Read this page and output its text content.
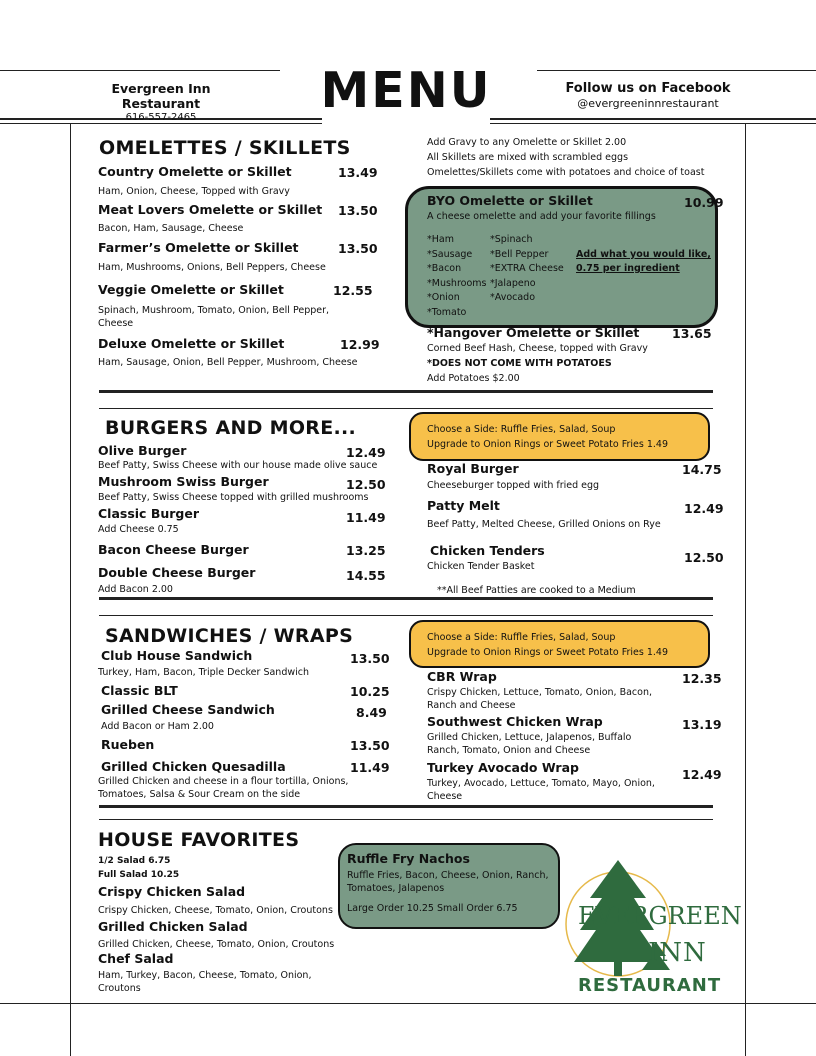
Evergreen Inn Restaurant
616-557-2465	MENU	Follow us on Facebook
@evergreeninnrestaurant
OMELETTES / SKILLETS
Country Omelette or Skillet	13.49
Ham, Onion, Cheese, Topped with Gravy
Meat Lovers Omelette or Skillet 13.50
Bacon, Ham, Sausage, Cheese
Farmer’s Omelette or Skillet	13.50
Ham, Mushrooms, Onions, Bell Peppers, Cheese
Veggie Omelette or Skillet	12.55
Spinach, Mushroom, Tomato, Onion, Bell Pepper, Cheese
Deluxe Omelette or Skillet	12.99
Ham, Sausage, Onion, Bell Pepper, Mushroom, Cheese
Add Gravy to any Omelette or Skillet 2.00
All Skillets are mixed with scrambled eggs
Omelettes/Skillets come with potatoes and choice of toast
BYO Omelette or Skillet	10.99
A cheese omelette and add your favorite fillings
*Ham
*Sausage
*Bacon
*Mushrooms
*Onion
*Tomato
*Spinach
*Bell Pepper
*EXTRA Cheese
*Jalapeno
*Avocado
Add what you would like,
0.75 per ingredient
*Hangover Omelette or Skillet	13.65
Corned Beef Hash, Cheese, topped with Gravy
*DOES NOT COME WITH POTATOES
Add Potatoes $2.00
BURGERS AND MORE...	Choose a Side: Ruffle Fries, Salad, Soup
Upgrade to Onion Rings or Sweet Potato Fries 1.49
Olive Burger	12.49
Beef Patty, Swiss Cheese with our house made olive sauce
Mushroom Swiss Burger	12.50
Beef Patty, Swiss Cheese topped with grilled mushrooms
Classic Burger	11.49
Add Cheese 0.75
Bacon Cheese Burger	13.25
Double Cheese Burger	14.55
Add Bacon 2.00
Royal Burger	14.75
Cheeseburger topped with fried egg
Patty Melt	12.49
Beef Patty, Melted Cheese, Grilled Onions on Rye
Chicken Tenders	12.50
Chicken Tender Basket
**All Beef Patties are cooked to a Medium
SANDWICHES / WRAPS	Choose a Side: Ruffle Fries, Salad, Soup
Upgrade to Onion Rings or Sweet Potato Fries 1.49
Club House Sandwich	13.50
Turkey, Ham, Bacon, Triple Decker Sandwich
Classic BLT	10.25
Grilled Cheese Sandwich	8.49
Add Bacon or Ham 2.00
Rueben	13.50
Grilled Chicken Quesadilla	11.49
Grilled Chicken and cheese in a flour tortilla, Onions, Tomatoes, Salsa & Sour Cream on the side
CBR Wrap	12.35
Crispy Chicken, Lettuce, Tomato, Onion, Bacon, Ranch and Cheese
Southwest Chicken Wrap	13.19
Grilled Chicken, Lettuce, Jalapenos, Buffalo Ranch, Tomato, Onion and Cheese
Turkey Avocado Wrap	12.49
Turkey, Avocado, Lettuce, Tomato, Mayo, Onion, Cheese
HOUSE FAVORITES
1/2 Salad 6.75
Full Salad 10.25
Crispy Chicken Salad
Crispy Chicken, Cheese, Tomato, Onion, Croutons
Grilled Chicken Salad
Grilled Chicken, Cheese, Tomato, Onion, Croutons
Chef Salad
Ham, Turkey, Bacon, Cheese, Tomato, Onion, Croutons
Ruffle Fry Nachos
Ruffle Fries, Bacon, Cheese, Onion, Ranch, Tomatoes, Jalapenos
Large Order 10.25 Small Order 6.75	EVERGREEN
INN
RESTAURANT
